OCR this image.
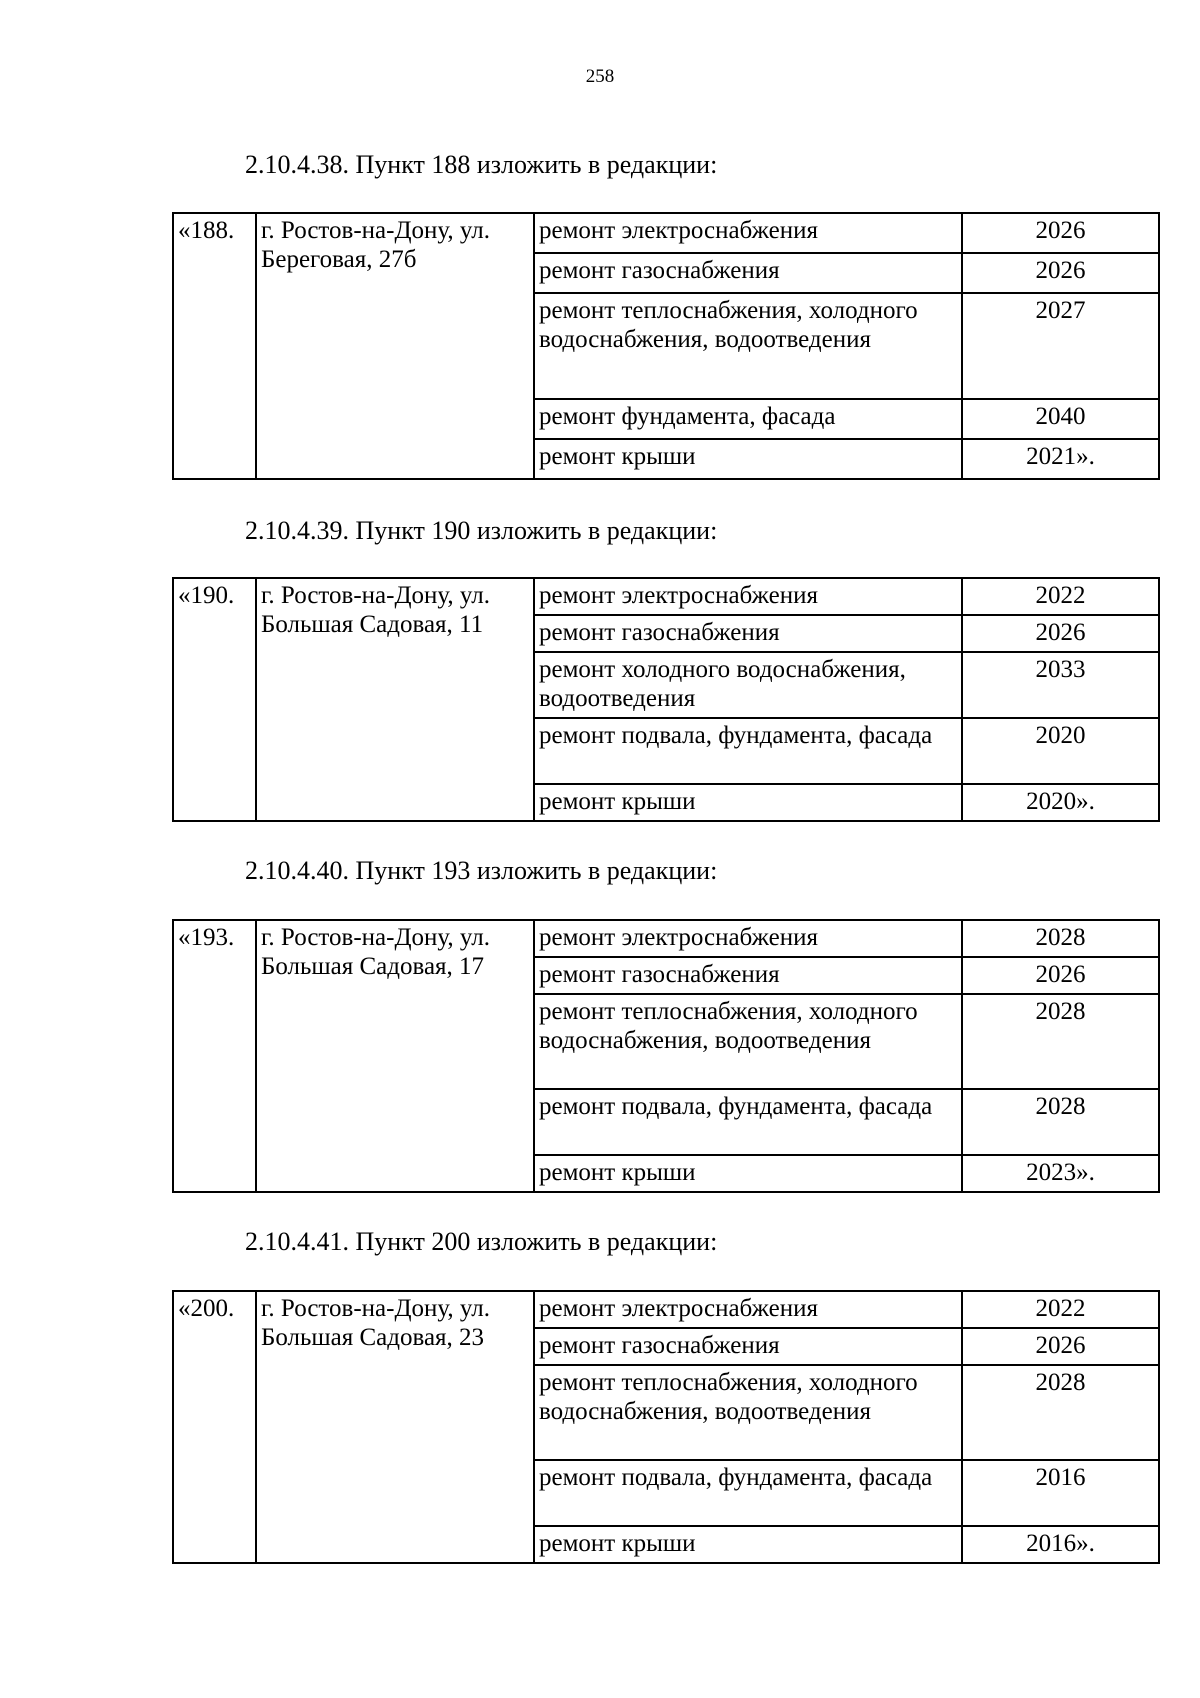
258
2.10.4.38. Пункт 188 изложить в редакции:
«188.	г. Ростов-на-Дону, ул. Береговая, 27б	ремонт электроснабжения	2026
		ремонт газоснабжения	2026
		ремонт теплоснабжения, холодного водоснабжения, водоотведения	2027
		ремонт фундамента, фасада	2040
		ремонт крыши	2021».
2.10.4.39. Пункт 190 изложить в редакции:
«190.	г. Ростов-на-Дону, ул. Большая Садовая, 11	ремонт электроснабжения	2022
		ремонт газоснабжения	2026
		ремонт холодного водоснабжения, водоотведения	2033
		ремонт подвала, фундамента, фасада	2020
		ремонт крыши	2020».
2.10.4.40. Пункт 193 изложить в редакции:
«193.	г. Ростов-на-Дону, ул. Большая Садовая, 17	ремонт электроснабжения	2028
		ремонт газоснабжения	2026
		ремонт теплоснабжения, холодного водоснабжения, водоотведения	2028
		ремонт подвала, фундамента, фасада	2028
		ремонт крыши	2023».
2.10.4.41. Пункт 200 изложить в редакции:
«200.	г. Ростов-на-Дону, ул. Большая Садовая, 23	ремонт электроснабжения	2022
		ремонт газоснабжения	2026
		ремонт теплоснабжения, холодного водоснабжения, водоотведения	2028
		ремонт подвала, фундамента, фасада	2016
		ремонт крыши	2016».
